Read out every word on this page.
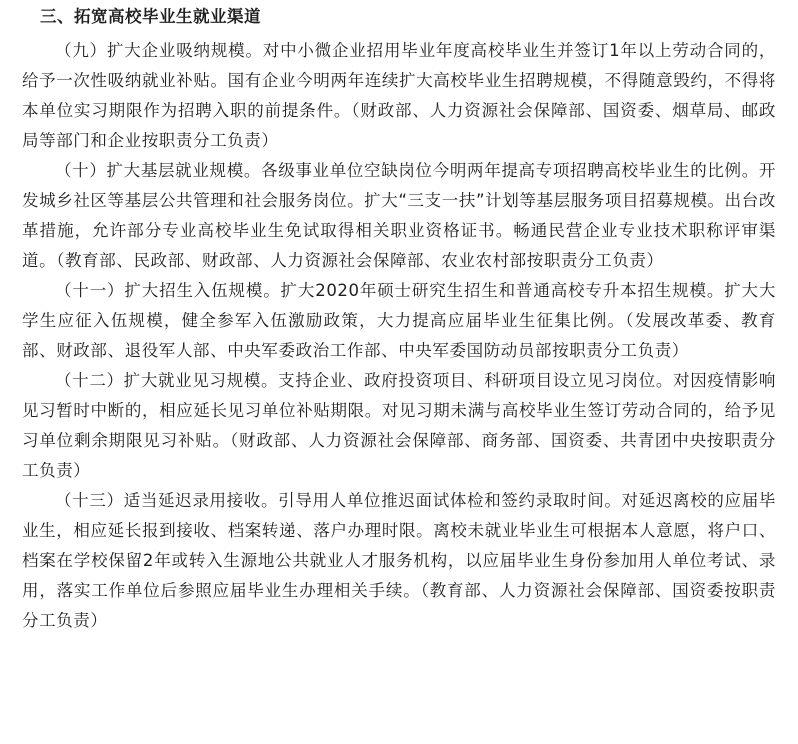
三、拓宽高校毕业生就业渠道

（九）扩大企业吸纳规模。对中小微企业招用毕业年度高校毕业生并签订1年以上劳动合同的，给予一次性吸纳就业补贴。国有企业今明两年连续扩大高校毕业生招聘规模，不得随意毁约，不得将本单位实习期限作为招聘入职的前提条件。（财政部、人力资源社会保障部、国资委、烟草局、邮政局等部门和企业按职责分工负责）

（十）扩大基层就业规模。各级事业单位空缺岗位今明两年提高专项招聘高校毕业生的比例。开发城乡社区等基层公共管理和社会服务岗位。扩大“三支一扶”计划等基层服务项目招募规模。出台改革措施，允许部分专业高校毕业生免试取得相关职业资格证书。畅通民营企业专业技术职称评审渠道。（教育部、民政部、财政部、人力资源社会保障部、农业农村部按职责分工负责）

（十一）扩大招生入伍规模。扩大2020年硕士研究生招生和普通高校专升本招生规模。扩大大学生应征入伍规模，健全参军入伍激励政策，大力提高应届毕业生征集比例。（发展改革委、教育部、财政部、退役军人部、中央军委政治工作部、中央军委国防动员部按职责分工负责）

（十二）扩大就业见习规模。支持企业、政府投资项目、科研项目设立见习岗位。对因疫情影响见习暂时中断的，相应延长见习单位补贴期限。对见习期未满与高校毕业生签订劳动合同的，给予见习单位剩余期限见习补贴。（财政部、人力资源社会保障部、商务部、国资委、共青团中央按职责分工负责）

（十三）适当延迟录用接收。引导用人单位推迟面试体检和签约录取时间。对延迟离校的应届毕业生，相应延长报到接收、档案转递、落户办理时限。离校未就业毕业生可根据本人意愿，将户口、档案在学校保留2年或转入生源地公共就业人才服务机构，以应届毕业生身份参加用人单位考试、录用，落实工作单位后参照应届毕业生办理相关手续。（教育部、人力资源社会保障部、国资委按职责分工负责）
